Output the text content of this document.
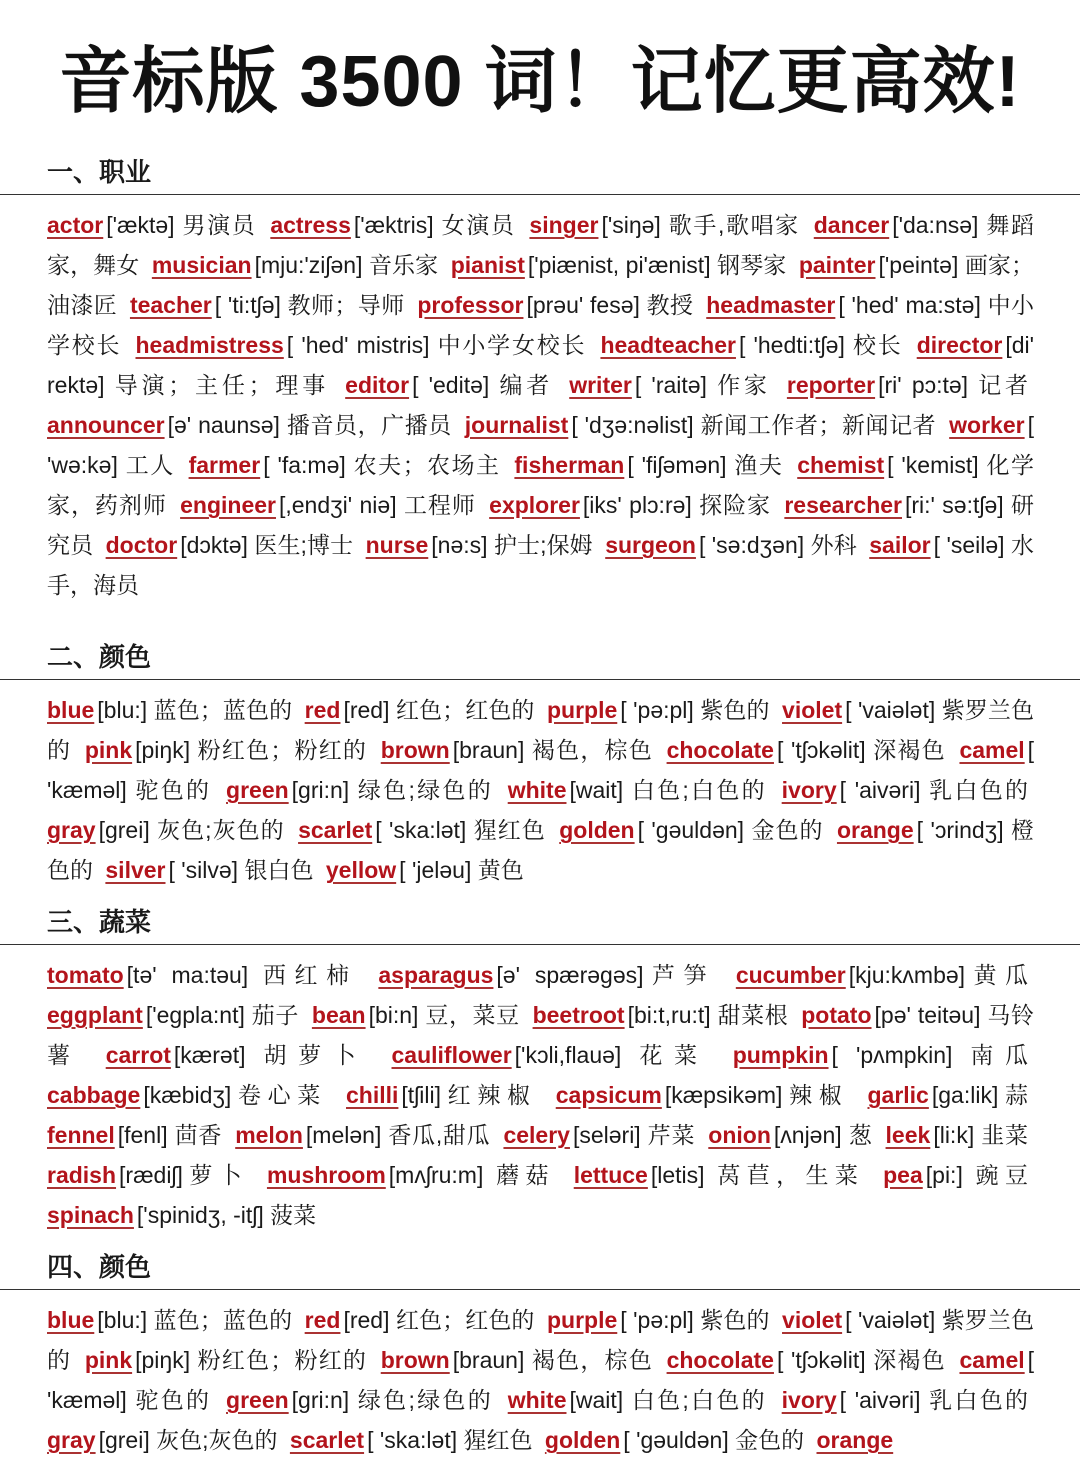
音标版 3500 词！记忆更高效!
一、职业
actor ['æktə] 男演员 actress ['æktris] 女演员 singer ['siŋə] 歌手,歌唱家 dancer ['da:nsə] 舞蹈家，舞女 musician [mju:'ziʃən] 音乐家 pianist ['piænist, pi'ænist] 钢琴家 painter ['peintə] 画家；油漆匠 teacher [ 'ti:tʃə] 教师；导师 professor [prəu' fesə] 教授 headmaster [ 'hed' ma:stə] 中小学校长 headmistress [ 'hed' mistris] 中小学女校长 headteacher [ 'hedti:tʃə] 校长 director [di' rektə] 导演；主任；理事 editor [ 'editə] 编者 writer [ 'raitə] 作家 reporter [ri' pɔ:tə] 记者 announcer [ə' naunsə] 播音员，广播员 journalist [ 'dʒə:nəlist] 新闻工作者；新闻记者 worker [ 'wə:kə] 工人 farmer [ 'fa:mə] 农夫；农场主 fisherman [ 'fiʃəmən] 渔夫 chemist [ 'kemist] 化学家，药剂师 engineer [,endʒi' niə] 工程师 explorer [iks' plɔ:rə] 探险家 researcher [ri:' sə:tʃə] 研究员 doctor [dɔktə] 医生;博士 nurse [nə:s] 护士;保姆 surgeon [ 'sə:dʒən] 外科 sailor [ 'seilə] 水手，海员
二、颜色
blue [blu:] 蓝色；蓝色的 red [red] 红色；红色的 purple [ 'pə:pl] 紫色的 violet [ 'vaiələt] 紫罗兰色的 pink [piŋk] 粉红色；粉红的 brown [braun] 褐色，棕色 chocolate [ 'tʃɔkəlit] 深褐色 camel [ 'kæməl] 驼色的 green [gri:n] 绿色;绿色的 white [wait] 白色;白色的 ivory [ 'aivəri] 乳白色的 gray [grei] 灰色;灰色的 scarlet [ 'ska:lət] 猩红色 golden [ 'gəuldən] 金色的 orange [ 'ɔrindʒ] 橙色的 silver [ 'silvə] 银白色 yellow [ 'jeləu] 黄色
三、蔬菜
tomato [tə' ma:təu] 西红柿 asparagus [ə' spærəgəs]芦笋 cucumber [kju:kʌmbə]黄瓜 eggplant ['egpla:nt] 茄子 bean [bi:n] 豆，菜豆 beetroot [bi:t,ru:t] 甜菜根 potato [pə' teitəu] 马铃薯 carrot [kærət] 胡萝卜 cauliflower ['kɔli,flauə] 花菜 pumpkin [ 'pʌmpkin] 南瓜 cabbage [kæbidʒ]卷心菜 chilli [tʃili]红辣椒 capsicum [kæpsikəm]辣椒 garlic [ga:lik]蒜 fennel [fenl] 茴香 melon [melən] 香瓜,甜瓜 celery [seləri] 芹菜 onion [ʌnjən] 葱 leek [li:k] 韭菜 radish [rædiʃ]萝卜 mushroom [mʌʃru:m] 蘑菇 lettuce [letis] 莴苣，生菜 pea [pi:] 豌豆 spinach ['spinidʒ, -itʃ] 菠菜
四、颜色
blue [blu:] 蓝色；蓝色的 red [red] 红色；红色的 purple [ 'pə:pl] 紫色的 violet [ 'vaiələt] 紫罗兰色的 pink [piŋk] 粉红色；粉红的 brown [braun] 褐色，棕色 chocolate [ 'tʃɔkəlit] 深褐色 camel [ 'kæməl] 驼色的 green [gri:n] 绿色;绿色的 white [wait] 白色;白色的 ivory [ 'aivəri] 乳白色的 gray [grei] 灰色;灰色的 scarlet [ 'ska:lət] 猩红色 golden [ 'gəuldən] 金色的 orange
